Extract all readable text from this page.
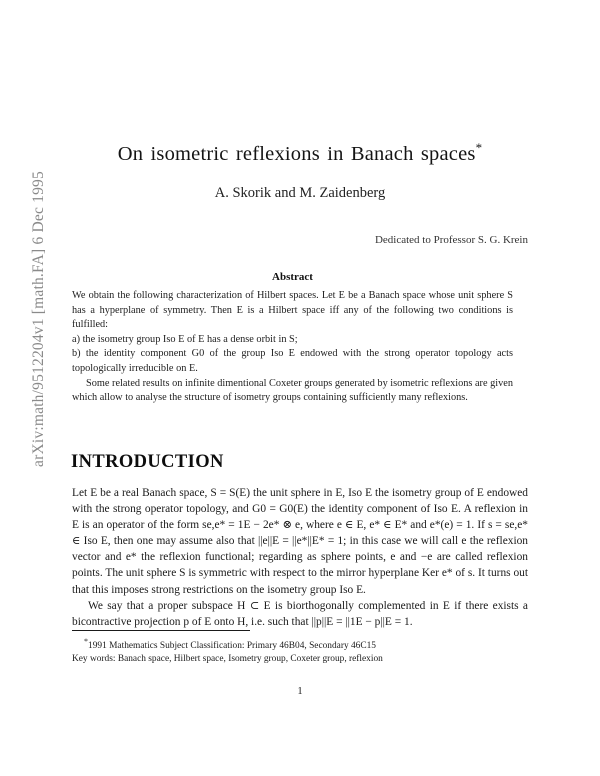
arXiv:math/9512204v1 [math.FA] 6 Dec 1995
On isometric reflexions in Banach spaces*
A. Skorik and M. Zaidenberg
Dedicated to Professor S. G. Krein
Abstract

We obtain the following characterization of Hilbert spaces. Let E be a Banach space whose unit sphere S has a hyperplane of symmetry. Then E is a Hilbert space iff any of the following two conditions is fulfilled:

a) the isometry group Iso E of E has a dense orbit in S;

b) the identity component G0 of the group Iso E endowed with the strong operator topology acts topologically irreducible on E.

Some related results on infinite dimentional Coxeter groups generated by isometric reflexions are given which allow to analyse the structure of isometry groups containing sufficiently many reflexions.

INTRODUCTION

Let E be a real Banach space, S = S(E) the unit sphere in E, Iso E the isometry group of E endowed with the strong operator topology, and G0 = G0(E) the identity component of Iso E. A reflexion in E is an operator of the form se,e* = 1E − 2e* ⊗ e, where e ∈ E, e* ∈ E* and e*(e) = 1. If s = se,e* ∈ Iso E, then one may assume also that ||e||E = ||e*||E* = 1; in this case we will call e the reflexion vector and e* the reflexion functional; regarding as sphere points, e and −e are called reflexion points. The unit sphere S is symmetric with respect to the mirror hyperplane Ker e* of s. It turns out that this imposes strong restrictions on the isometry group Iso E.

We say that a proper subspace H ⊂ E is biorthogonally complemented in E if there exists a bicontractive projection p of E onto H, i.e. such that ||p||E = ||1E − p||E = 1.

*1991 Mathematics Subject Classification: Primary 46B04, Secondary 46C15

Key words: Banach space, Hilbert space, Isometry group, Coxeter group, reflexion

1
